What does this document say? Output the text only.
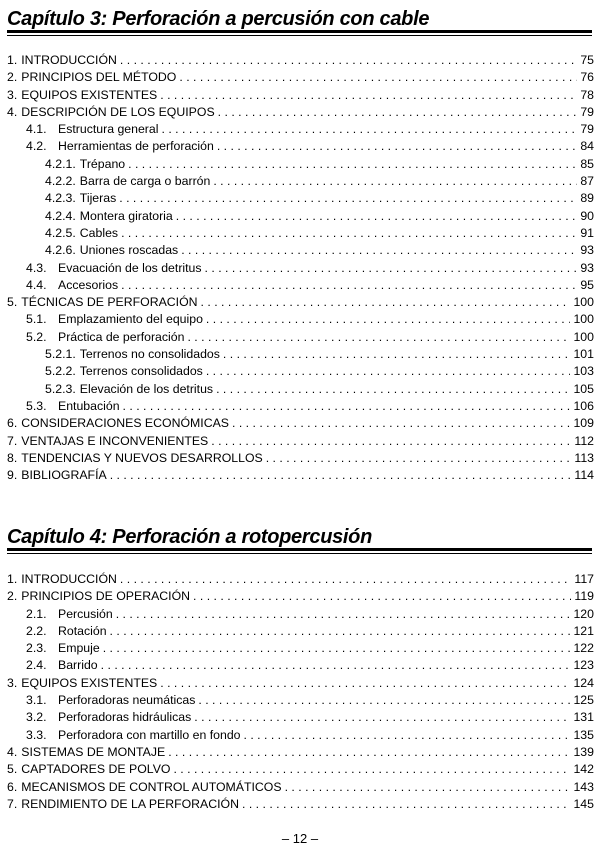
Capítulo 3: Perforación a percusión con cable
1. INTRODUCCIÓN . . .	75
2. PRINCIPIOS DEL MÉTODO . . .	76
3. EQUIPOS EXISTENTES . . .	78
4. DESCRIPCIÓN DE LOS EQUIPOS . . .	79
4.1. Estructura general . . .	79
4.2. Herramientas de perforación . . .	84
4.2.1. Trépano . . .	85
4.2.2. Barra de carga o barrón . . .	87
4.2.3. Tijeras . . .	89
4.2.4. Montera giratoria . . .	90
4.2.5. Cables . . .	91
4.2.6. Uniones roscadas . . .	93
4.3. Evacuación de los detritus . . .	93
4.4. Accesorios . . .	95
5. TÉCNICAS DE PERFORACIÓN . . .	100
5.1. Emplazamiento del equipo . . .	100
5.2. Práctica de perforación . . .	100
5.2.1. Terrenos no consolidados . . .	101
5.2.2. Terrenos consolidados . . .	103
5.2.3. Elevación de los detritus . . .	105
5.3. Entubación . . .	106
6. CONSIDERACIONES ECONÓMICAS . . .	109
7. VENTAJAS E INCONVENIENTES . . .	112
8. TENDENCIAS Y NUEVOS DESARROLLOS . . .	113
9. BIBLIOGRAFÍA . . .	114
Capítulo 4: Perforación a rotopercusión
1. INTRODUCCIÓN . . .	117
2. PRINCIPIOS DE OPERACIÓN . . .	119
2.1. Percusión . . .	120
2.2. Rotación . . .	121
2.3. Empuje . . .	122
2.4. Barrido . . .	123
3. EQUIPOS EXISTENTES . . .	124
3.1. Perforadoras neumáticas . . .	125
3.2. Perforadoras hidráulicas . . .	131
3.3. Perforadora con martillo en fondo . . .	135
4. SISTEMAS DE MONTAJE . . .	139
5. CAPTADORES DE POLVO . . .	142
6. MECANISMOS DE CONTROL AUTOMÁTICOS . . .	143
7. RENDIMIENTO DE LA PERFORACIÓN . . .	145
– 12 –
